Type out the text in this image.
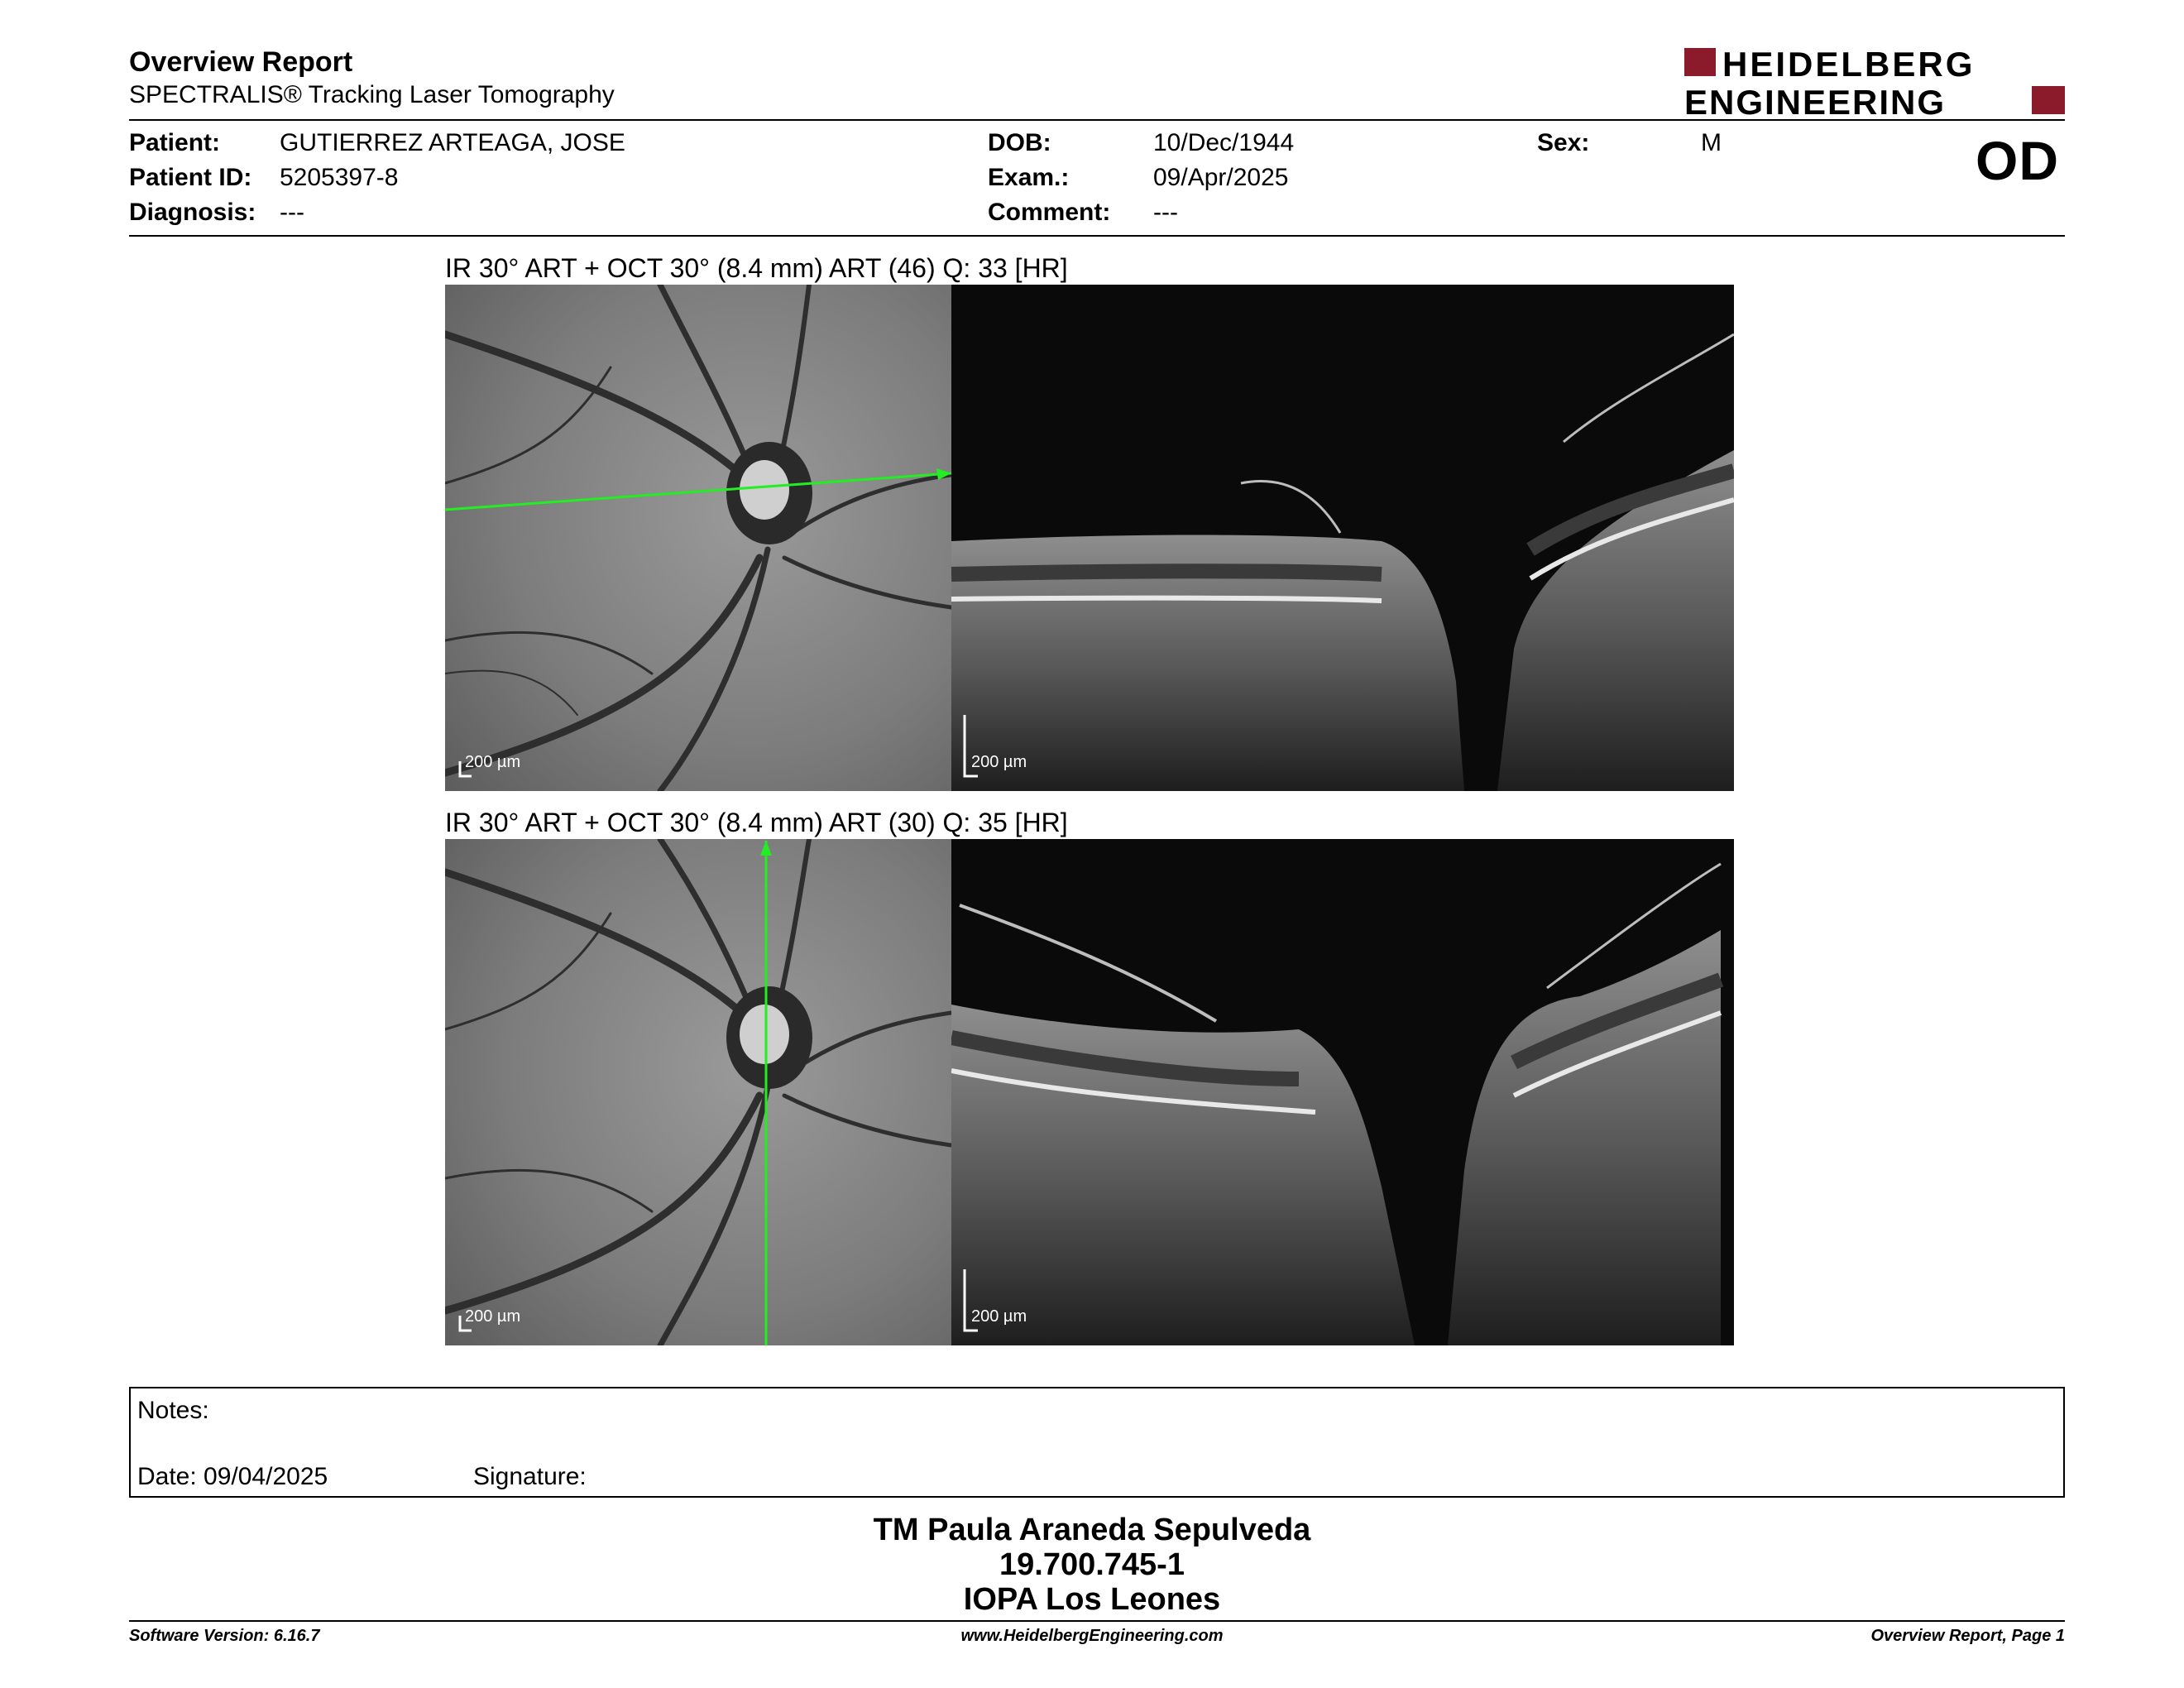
Overview Report
SPECTRALIS® Tracking Laser Tomography
HEIDELBERG
ENGINEERING
Patient: GUTIERREZ ARTEAGA, JOSE
Patient ID: 5205397-8
Diagnosis: ---
DOB:	10/Dec/1944
Exam.:	09/Apr/2025
Comment: ---
Sex:	M	OD
IR 30° ART + OCT 30° (8.4 mm) ART (46) Q: 33 [HR]
200 µm	200 µm
IR 30° ART + OCT 30° (8.4 mm) ART (30) Q: 35 [HR]
200 µm	200 µm
Notes:
Date: 09/04/2025	Signature:
TM Paula Araneda Sepulveda
19.700.745-1
IOPA Los Leones
Software Version: 6.16.7	www.HeidelbergEngineering.com	Overview Report, Page 1
